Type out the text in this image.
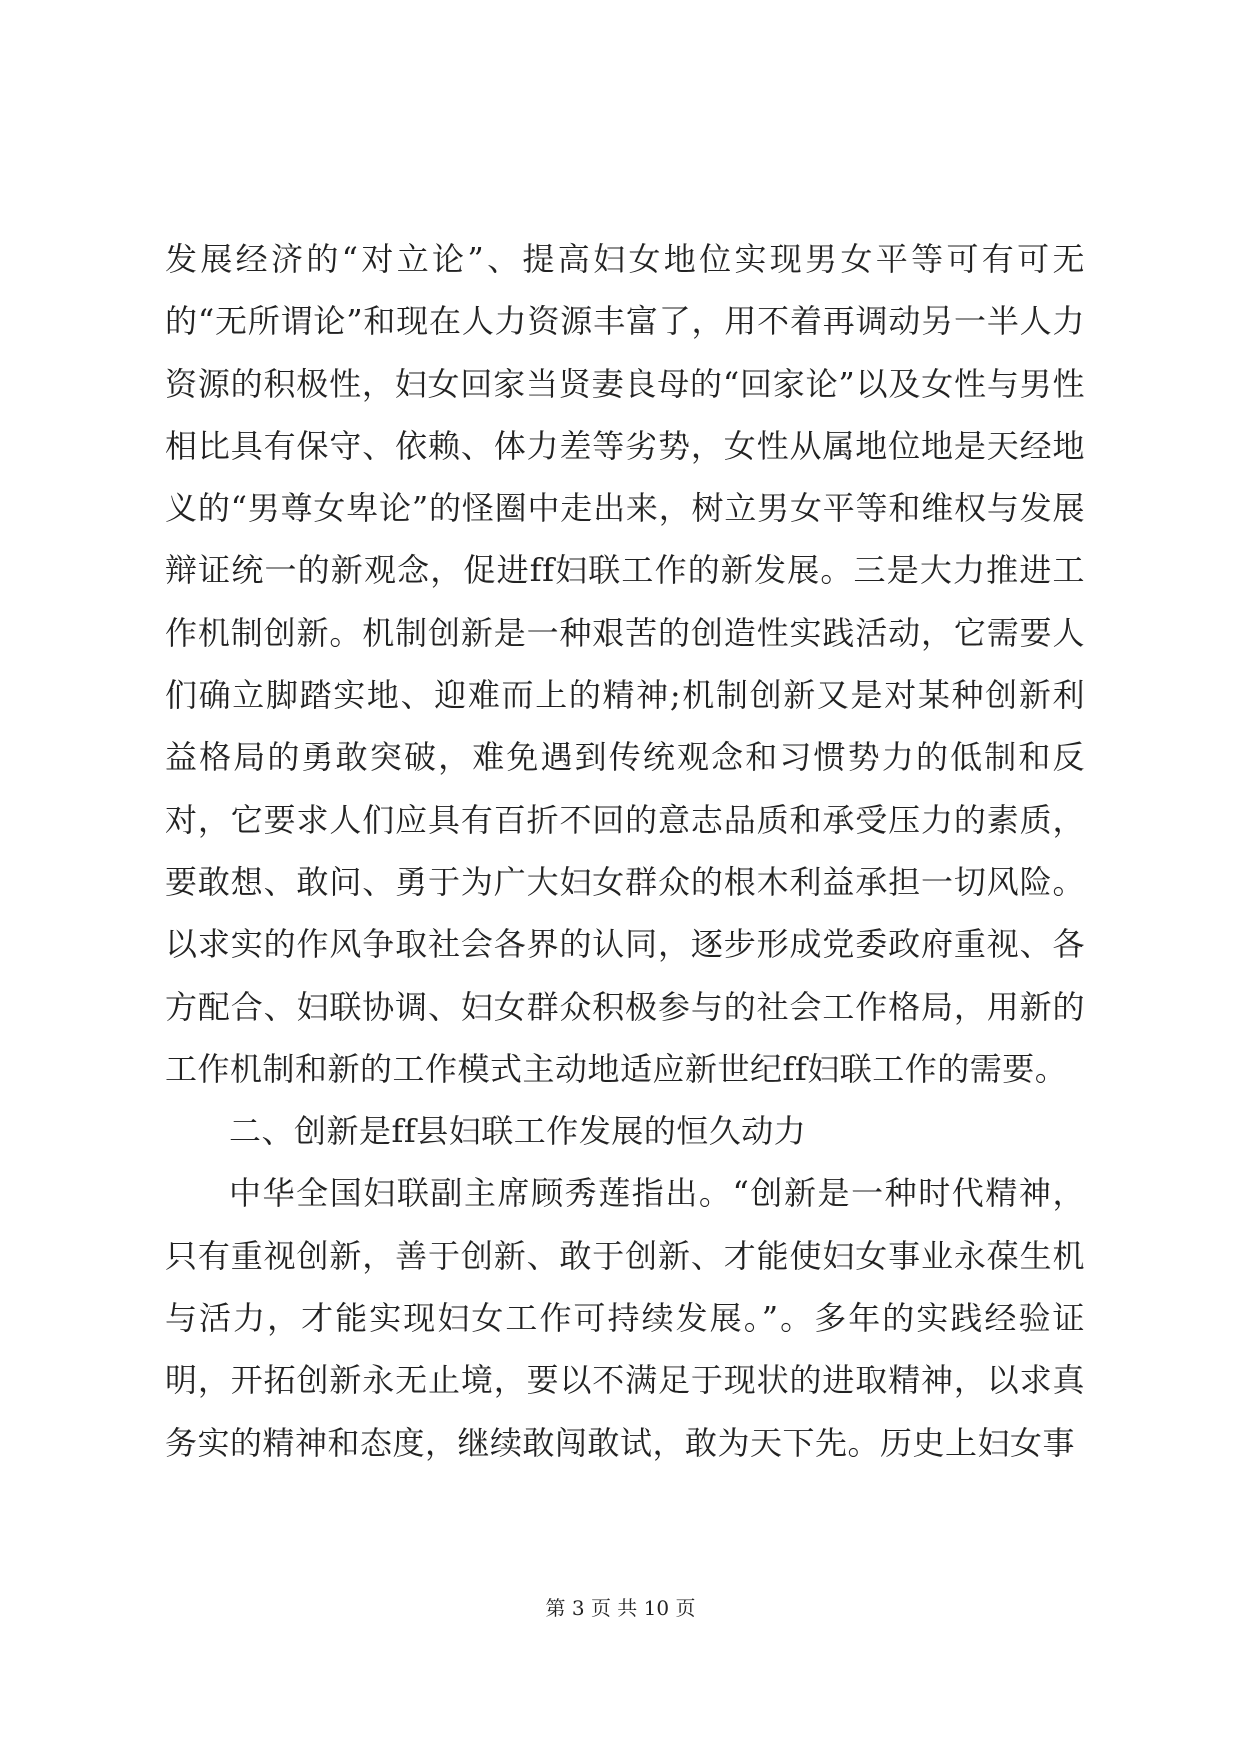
发展经济的“对立论”、提高妇女地位实现男女平等可有可无的“无所谓论”和现在人力资源丰富了，用不着再调动另一半人力资源的积极性，妇女回家当贤妻良母的“回家论”以及女性与男性相比具有保守、依赖、体力差等劣势，女性从属地位地是天经地义的“男尊女卑论”的怪圈中走出来，树立男女平等和维权与发展辩证统一的新观念，促进ff妇联工作的新发展。三是大力推进工作机制创新。机制创新是一种艰苦的创造性实践活动，它需要人们确立脚踏实地、迎难而上的精神;机制创新又是对某种创新利益格局的勇敢突破，难免遇到传统观念和习惯势力的低制和反对，它要求人们应具有百折不回的意志品质和承受压力的素质，要敢想、敢问、勇于为广大妇女群众的根木利益承担一切风险。以求实的作风争取社会各界的认同，逐步形成党委政府重视、各方配合、妇联协调、妇女群众积极参与的社会工作格局，用新的工作机制和新的工作模式主动地适应新世纪ff妇联工作的需要。

二、创新是ff县妇联工作发展的恒久动力

中华全国妇联副主席顾秀莲指出。“创新是一种时代精神，只有重视创新，善于创新、敢于创新、才能使妇女事业永葆生机与活力，才能实现妇女工作可持续发展。”。多年的实践经验证明，开拓创新永无止境，要以不满足于现状的进取精神，以求真务实的精神和态度，继续敢闯敢试，敢为天下先。历史上妇女事

第 3 页 共 10 页
